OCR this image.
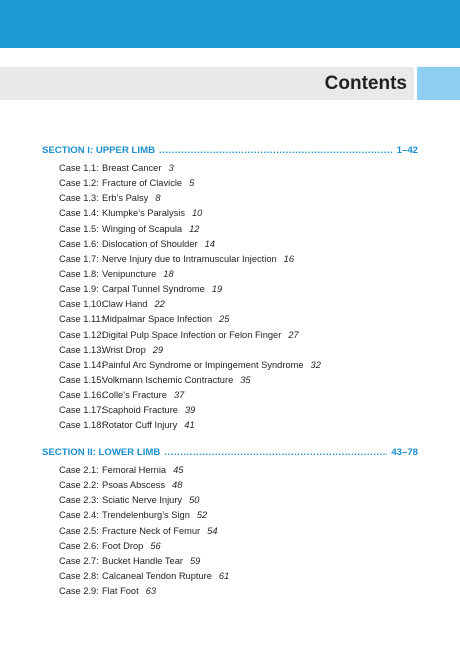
Contents
SECTION I: UPPER LIMB .....	1–42
Case 1.1: Breast Cancer 3
Case 1.2: Fracture of Clavicle 5
Case 1.3: Erb’s Palsy 8
Case 1.4: Klumpke’s Paralysis 10
Case 1.5: Winging of Scapula 12
Case 1.6: Dislocation of Shoulder 14
Case 1.7: Nerve Injury due to Intramuscular Injection 16
Case 1.8: Venipuncture 18
Case 1.9: Carpal Tunnel Syndrome 19
Case 1.10:
Claw Hand 22
Case 1.11:
Midpalmar Space Infection 25
Case 1.12:
Digital Pulp Space Infection or Felon Finger 27
Case 1.13:
Wrist Drop 29
Case 1.14:
Painful Arc Syndrome or Impingement Syndrome 32
Case 1.15:
Volkmann Ischemic Contracture 35
Case 1.16:
Colle’s Fracture 37
Case 1.17:
Scaphoid Fracture 39
Case 1.18:
Rotator Cuff Injury 41
SECTION II: LOWER LIMB .....	43–78
Case 2.1: Femoral Hernia 45
Case 2.2: Psoas Abscess 48
Case 2.3: Sciatic Nerve Injury 50
Case 2.4: Trendelenburg’s Sign 52
Case 2.5: Fracture Neck of Femur 54
Case 2.6: Foot Drop 56
Case 2.7: Bucket Handle Tear 59
Case 2.8: Calcaneal Tendon Rupture 61
Case 2.9: Flat Foot 63
